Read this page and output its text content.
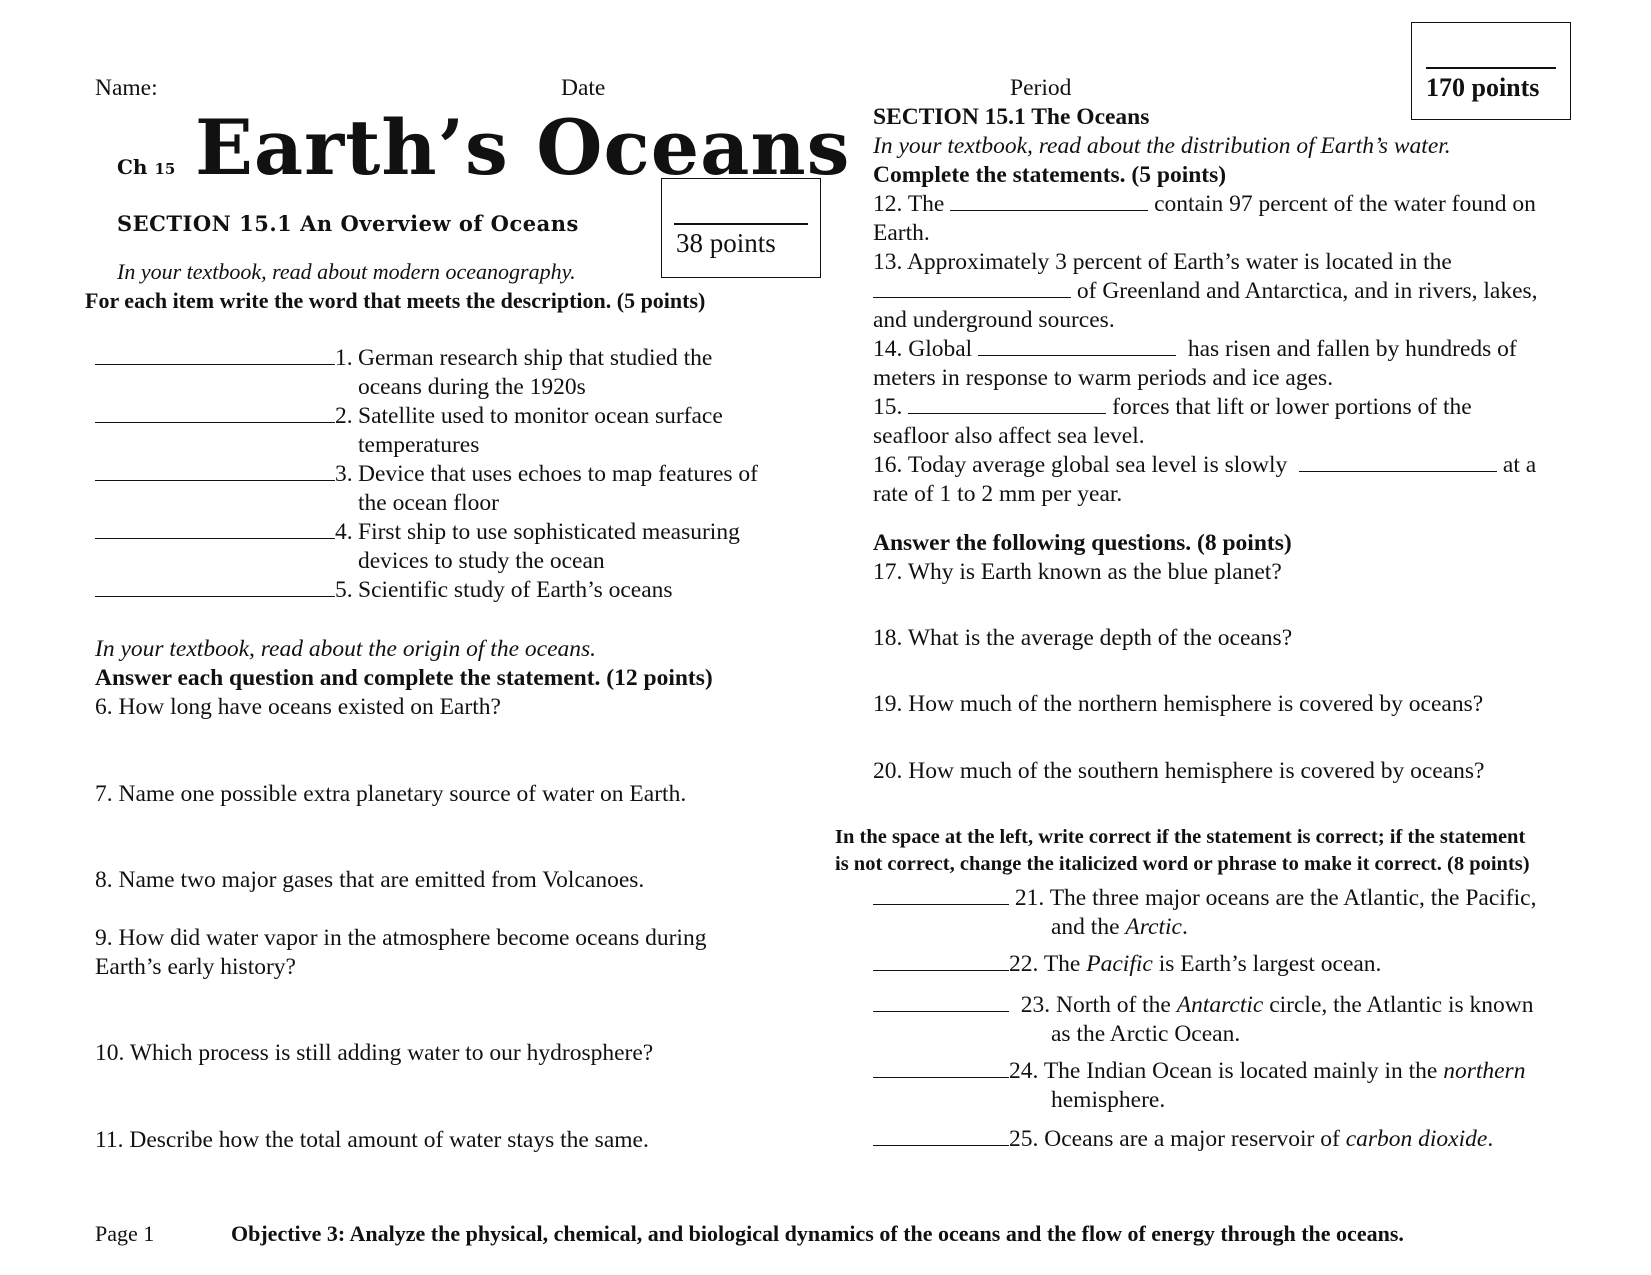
Name:	Date	Period	170 points
Ch 15 Earth’s Oceans
38 points
SECTION 15.1 An Overview of Oceans
In your textbook, read about modern oceanography.
For each item write the word that meets the description. (5 points)
1. German research ship that studied the
oceans during the 1920s
2. Satellite used to monitor ocean surface
temperatures
3. Device that uses echoes to map features of
the ocean floor
4. First ship to use sophisticated measuring
devices to study the ocean
5. Scientific study of Earth’s oceans
In your textbook, read about the origin of the oceans.
Answer each question and complete the statement. (12 points)
6. How long have oceans existed on Earth?
7. Name one possible extra planetary source of water on Earth.
8. Name two major gases that are emitted from Volcanoes.
9. How did water vapor in the atmosphere become oceans during
Earth’s early history?
10. Which process is still adding water to our hydrosphere?
11. Describe how the total amount of water stays the same.
SECTION 15.1 The Oceans
In your textbook, read about the distribution of Earth’s water.
Complete the statements. (5 points)
12. The	contain 97 percent of the water found on
Earth.
13. Approximately 3 percent of Earth’s water is located in the
of Greenland and Antarctica, and in rivers, lakes,
and underground sources.
14. Global	has risen and fallen by hundreds of
meters in response to warm periods and ice ages.
15.	forces that lift or lower portions of the
seafloor also affect sea level.
16. Today average global sea level is slowly	at a
rate of 1 to 2 mm per year.
Answer the following questions. (8 points)
17. Why is Earth known as the blue planet?
18. What is the average depth of the oceans?
19. How much of the northern hemisphere is covered by oceans?
20. How much of the southern hemisphere is covered by oceans?
In the space at the left, write correct if the statement is correct; if the statement
is not correct, change the italicized word or phrase to make it correct. (8 points)
21. The three major oceans are the Atlantic, the Pacific,
and the Arctic.
22. The Pacific is Earth’s largest ocean.
23. North of the Antarctic circle, the Atlantic is known
as the Arctic Ocean.
24. The Indian Ocean is located mainly in the northern
hemisphere.
25. Oceans are a major reservoir of carbon dioxide.
Page 1	Objective 3: Analyze the physical, chemical, and biological dynamics of the oceans and the flow of energy through the oceans.
